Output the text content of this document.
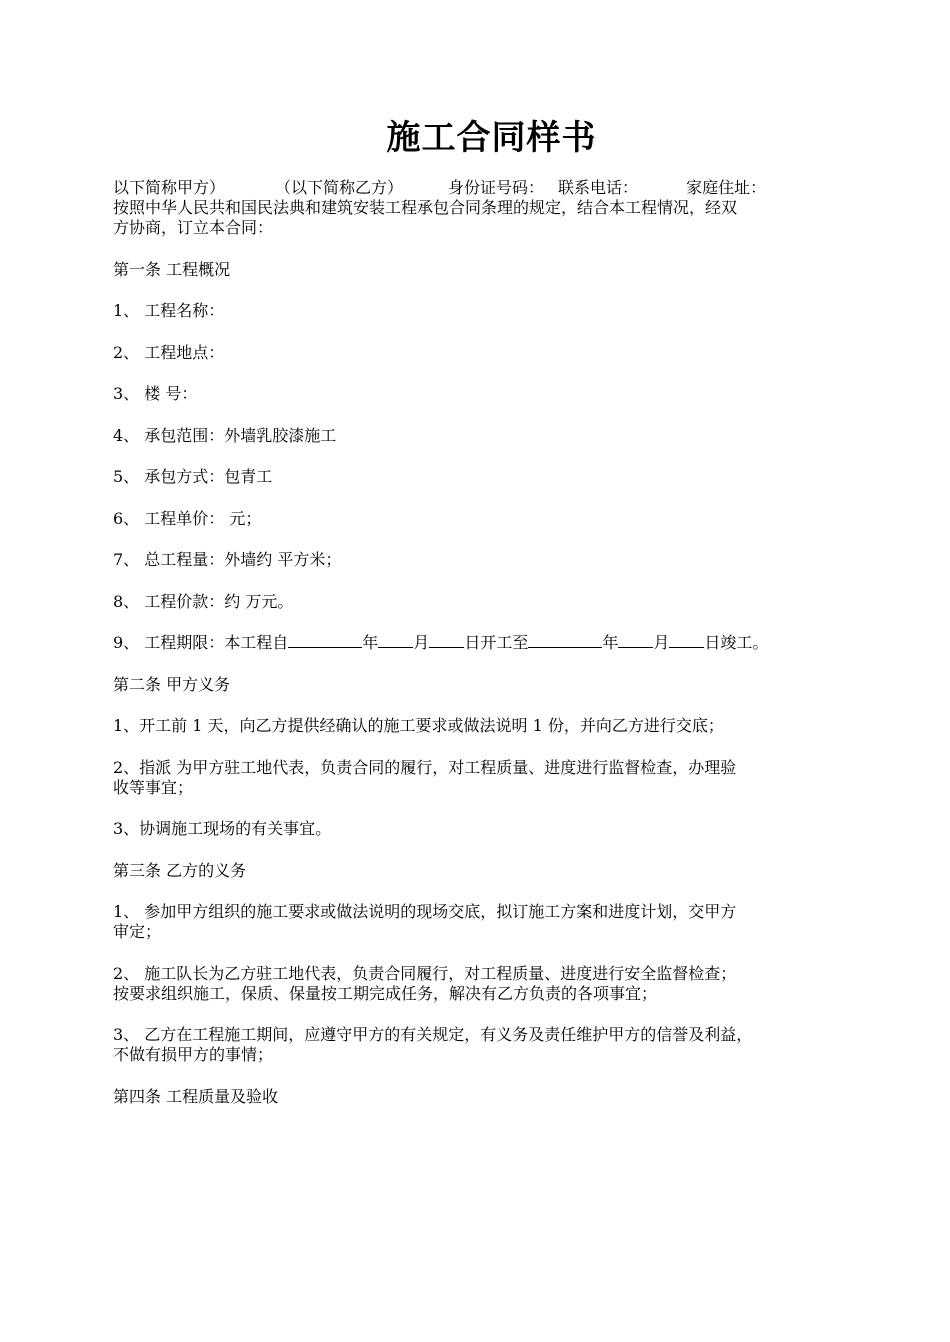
施工合同样书
以下简称甲方）	（以下简称乙方）	身份证号码： 联系电话：	家庭住址：
按照中华人民共和国民法典和建筑安装工程承包合同条理的规定，结合本工程情况，经双
方协商，订立本合同：
第一条 工程概况
1、 工程名称：
2、 工程地点：
3、 楼 号：
4、 承包范围：外墙乳胶漆施工
5、 承包方式：包青工
6、 工程单价： 元；
7、 总工程量：外墙约 平方米；
8、 工程价款：约 万元。
9、 工程期限：本工程自	年 月 日开工至	年 月 日竣工。
第二条 甲方义务
1、开工前 1 天，向乙方提供经确认的施工要求或做法说明 1 份，并向乙方进行交底；
2、指派 为甲方驻工地代表，负责合同的履行，对工程质量、进度进行监督检查，办理验
收等事宜；
3、协调施工现场的有关事宜。
第三条 乙方的义务
1、 参加甲方组织的施工要求或做法说明的现场交底，拟订施工方案和进度计划，交甲方
审定；
2、 施工队长为乙方驻工地代表，负责合同履行，对工程质量、进度进行安全监督检查；
按要求组织施工，保质、保量按工期完成任务，解决有乙方负责的各项事宜；
3、 乙方在工程施工期间，应遵守甲方的有关规定，有义务及责任维护甲方的信誉及利益，
不做有损甲方的事情；
第四条 工程质量及验收
